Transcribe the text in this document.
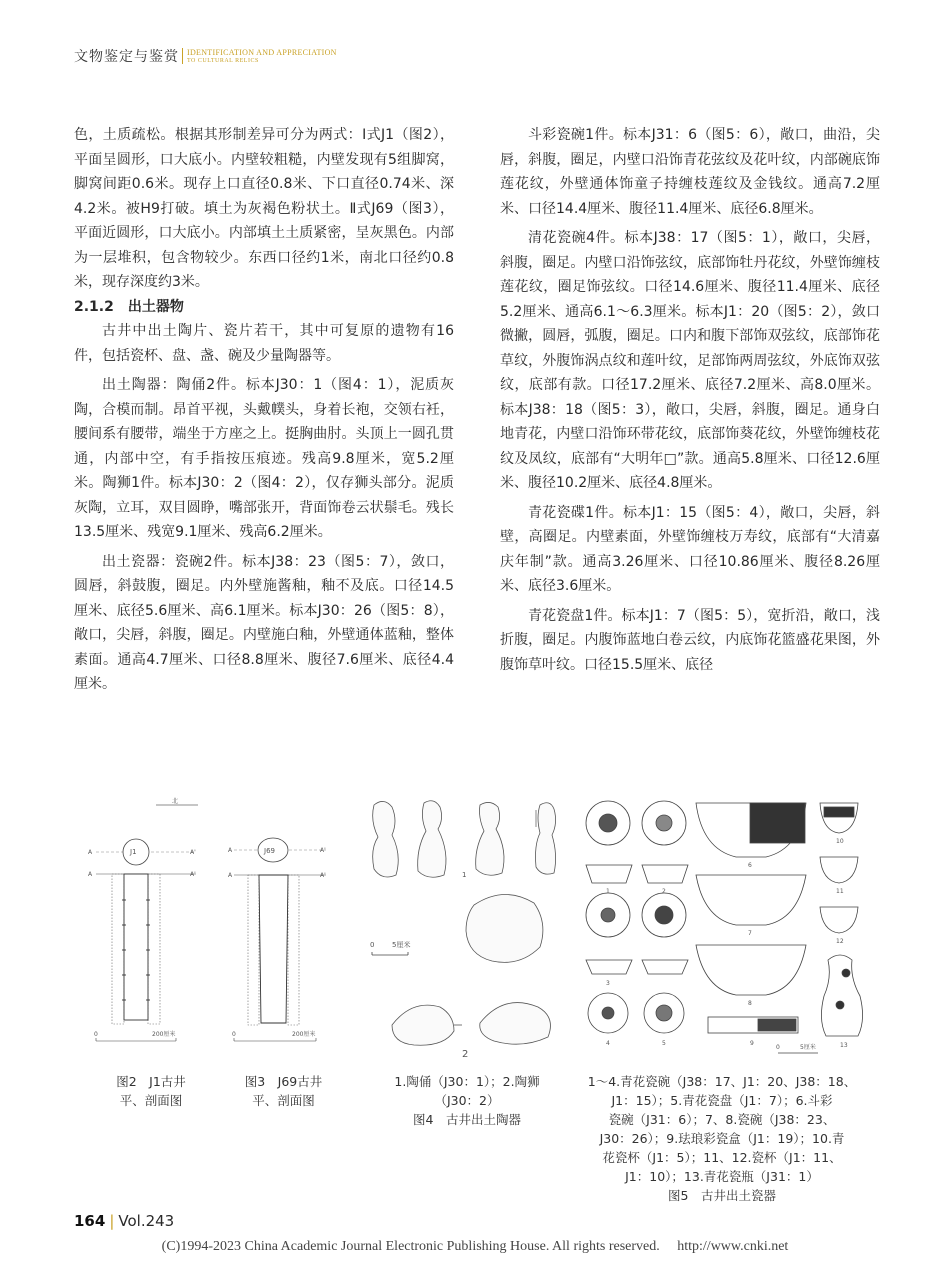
文物鉴定与鉴赏 IDENTIFICATION AND APPRECIATION
TO CULTURAL RELICS

色，土质疏松。根据其形制差异可分为两式：Ⅰ式J1（图2），平面呈圆形，口大底小。内壁较粗糙，内壁发现有5组脚窝，脚窝间距0.6米。现存上口直径0.8米、下口直径0.74米、深4.2米。被H9打破。填土为灰褐色粉状土。Ⅱ式J69（图3），平面近圆形，口大底小。内部填土土质紧密，呈灰黑色。内部为一层堆积，包含物较少。东西口径约1米，南北口径约0.8米，现存深度约3米。

2.1.2　出土器物

古井中出土陶片、瓷片若干，其中可复原的遗物有16件，包括瓷杯、盘、盏、碗及少量陶器等。

出土陶器：陶俑2件。标本J30：1（图4：1），泥质灰陶，合模而制。昂首平视，头戴幞头，身着长袍，交领右衽，腰间系有腰带，端坐于方座之上。挺胸曲肘。头顶上一圆孔贯通，内部中空，有手指按压痕迹。残高9.8厘米，宽5.2厘米。陶狮1件。标本J30：2（图4：2），仅存狮头部分。泥质灰陶，立耳，双目圆睁，嘴部张开，背面饰卷云状鬃毛。残长13.5厘米、残宽9.1厘米、残高6.2厘米。

出土瓷器：瓷碗2件。标本J38：23（图5：7），敛口，圆唇，斜鼓腹，圈足。内外壁施酱釉，釉不及底。口径14.5厘米、底径5.6厘米、高6.1厘米。标本J30：26（图5：8），敞口，尖唇，斜腹，圈足。内壁施白釉，外壁通体蓝釉，整体素面。通高4.7厘米、口径8.8厘米、腹径7.6厘米、底径4.4厘米。

斗彩瓷碗1件。标本J31：6（图5：6），敞口，曲沿，尖唇，斜腹，圈足，内壁口沿饰青花弦纹及花叶纹，内部碗底饰莲花纹，外壁通体饰童子持缠枝莲纹及金钱纹。通高7.2厘米、口径14.4厘米、腹径11.4厘米、底径6.8厘米。

清花瓷碗4件。标本J38：17（图5：1），敞口，尖唇，斜腹，圈足。内壁口沿饰弦纹，底部饰牡丹花纹，外壁饰缠枝莲花纹，圈足饰弦纹。口径14.6厘米、腹径11.4厘米、底径5.2厘米、通高6.1～6.3厘米。标本J1：20（图5：2），敛口微撇，圆唇，弧腹，圈足。口内和腹下部饰双弦纹，底部饰花草纹，外腹饰涡点纹和莲叶纹，足部饰两周弦纹，外底饰双弦纹，底部有款。口径17.2厘米、底径7.2厘米、高8.0厘米。标本J38：18（图5：3），敞口，尖唇，斜腹，圈足。通身白地青花，内壁口沿饰环带花纹，底部饰葵花纹，外壁饰缠枝花纹及凤纹，底部有“大明年□”款。通高5.8厘米、口径12.6厘米、腹径10.2厘米、底径4.8厘米。

青花瓷碟1件。标本J1：15（图5：4），敞口，尖唇，斜壁，高圈足。内壁素面，外壁饰缠枝万寿纹，底部有“大清嘉庆年制”款。通高3.26厘米、口径10.86厘米、腹径8.26厘米、底径3.6厘米。

青花瓷盘1件。标本J1：7（图5：5），宽折沿，敞口，浅折腹，圈足。内腹饰蓝地白卷云纹，内底饰花篮盛花果图，外腹饰草叶纹。口径15.5厘米、底径

北
A	A'
J1
A	A'
0	200厘米
图2　J1古井
平、剖面图
A	A'
J69
A	A'
0	200厘米
图3　J69古井
平、剖面图
1
0	5厘米
2
1.陶俑（J30：1）；2.陶狮
（J30：2）
图4　古井出土陶器
1	2
3
4	5
6
7
8
9
10
11
12
13
0	5厘米
1～4.青花瓷碗（J38：17、J1：20、J38：18、
J1：15）；5.青花瓷盘（J1：7）；6.斗彩
瓷碗（J31：6）；7、8.瓷碗（J38：23、
J30：26）；9.珐琅彩瓷盒（J1：19）；10.青
花瓷杯（J1：5）；11、12.瓷杯（J1：11、
J1：10）；13.青花瓷瓶（J31：1）
图5　古井出土瓷器
164 | Vol.243
(C)1994-2023 China Academic Journal Electronic Publishing House. All rights reserved.　 http://www.cnki.net
